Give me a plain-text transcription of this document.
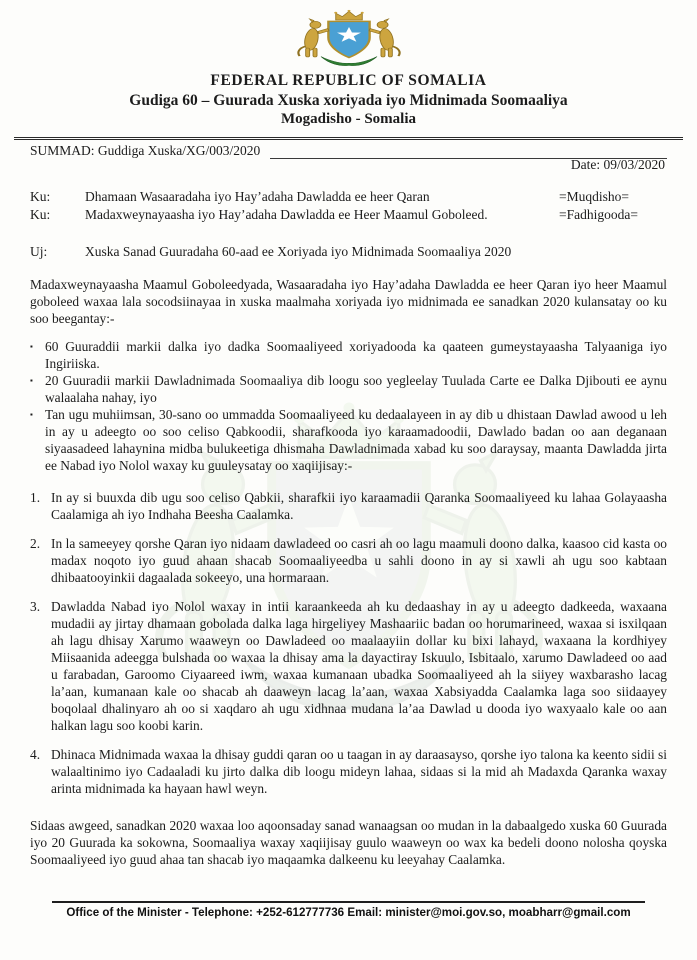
FEDERAL REPUBLIC OF SOMALIA
Gudiga 60 – Guurada Xuska xoriyada iyo Midnimada Soomaaliya
Mogadisho - Somalia
SUMMAD: Guddiga Xuska/XG/003/2020
Date: 09/03/2020
Ku:	Dhamaan Wasaaradaha iyo Hay’adaha Dawladda ee heer Qaran	=Muqdisho=
Ku:	Madaxweynayaasha iyo Hay’adaha Dawladda ee Heer Maamul Goboleed.	=Fadhigooda=
Uj:	Xuska Sanad Guuradaha 60-aad ee Xoriyada iyo Midnimada Soomaaliya 2020

Madaxweynayaasha Maamul Goboleedyada, Wasaaradaha iyo Hay’adaha Dawladda ee heer Qaran iyo heer Maamul goboleed waxaa lala socodsiinayaa in xuska maalmaha xoriyada iyo midnimada ee sanadkan 2020 kulansatay oo ku soo beegantay:-

▪ 60 Guuraddii markii dalka iyo dadka Soomaaliyeed xoriyadooda ka qaateen gumeystayaasha Talyaaniga iyo Ingiriiska.
▪ 20 Guuradii markii Dawladnimada Soomaaliya dib loogu soo yegleelay Tuulada Carte ee Dalka Djibouti ee aynu walaalaha nahay, iyo
▪ Tan ugu muhiimsan, 30-sano oo ummadda Soomaaliyeed ku dedaalayeen in ay dib u dhistaan Dawlad awood u leh in ay u adeegto oo soo celiso Qabkoodii, sharafkooda iyo karaamadoodii, Dawlado badan oo aan deganaan siyaasadeed lahaynina midba bulukeetiga dhismaha Dawladnimada xabad ku soo daraysay, maanta Dawladda jirta ee Nabad iyo Nolol waxay ku guuleysatay oo xaqiijisay:-
1. In ay si buuxda dib ugu soo celiso Qabkii, sharafkii iyo karaamadii Qaranka Soomaaliyeed ku lahaa Golayaasha Caalamiga ah iyo Indhaha Beesha Caalamka.
2. In la sameeyey qorshe Qaran iyo nidaam dawladeed oo casri ah oo lagu maamuli doono dalka, kaasoo cid kasta oo madax noqoto iyo guud ahaan shacab Soomaaliyeedba u sahli doono in ay si xawli ah ugu soo kabtaan dhibaatooyinkii dagaalada sokeeyo, una hormaraan.
3. Dawladda Nabad iyo Nolol waxay in intii karaankeeda ah ku dedaashay in ay u adeegto dadkeeda, waxaana mudadii ay jirtay dhamaan gobolada dalka laga hirgeliyey Mashaariic badan oo horumarineed, waxaa si isxilqaan ah lagu dhisay Xarumo waaweyn oo Dawladeed oo maalaayiin dollar ku bixi lahayd, waxaana la kordhiyey Miisaanida adeegga bulshada oo waxaa la dhisay ama la dayactiray Iskuulo, Isbitaalo, xarumo Dawladeed oo aad u farabadan, Garoomo Ciyaareed iwm, waxaa kumanaan ubadka Soomaaliyeed ah la siiyey waxbarasho lacag la’aan, kumanaan kale oo shacab ah daaweyn lacag la’aan, waxaa Xabsiyadda Caalamka laga soo siidaayey boqolaal dhalinyaro ah oo si xaqdaro ah ugu xidhnaa mudana la’aa Dawlad u dooda iyo waxyaalo kale oo aan halkan lagu soo koobi karin.
4. Dhinaca Midnimada waxaa la dhisay guddi qaran oo u taagan in ay daraasayso, qorshe iyo talona ka keento sidii si walaaltinimo iyo Cadaaladi ku jirto dalka dib loogu mideyn lahaa, sidaas si la mid ah Madaxda Qaranka waxay arinta midnimada ka hayaan hawl weyn.

Sidaas awgeed, sanadkan 2020 waxaa loo aqoonsaday sanad wanaagsan oo mudan in la dabaalgedo xuska 60 Guurada iyo 20 Guurada ka sokowna, Soomaaliya waxay xaqiijisay guulo waaweyn oo wax ka bedeli doono nolosha qoyska Soomaaliyeed iyo guud ahaa tan shacab iyo maqaamka dalkeenu ku leeyahay Caalamka.

Office of the Minister - Telephone: +252-612777736 Email: minister@moi.gov.so, moabharr@gmail.com
